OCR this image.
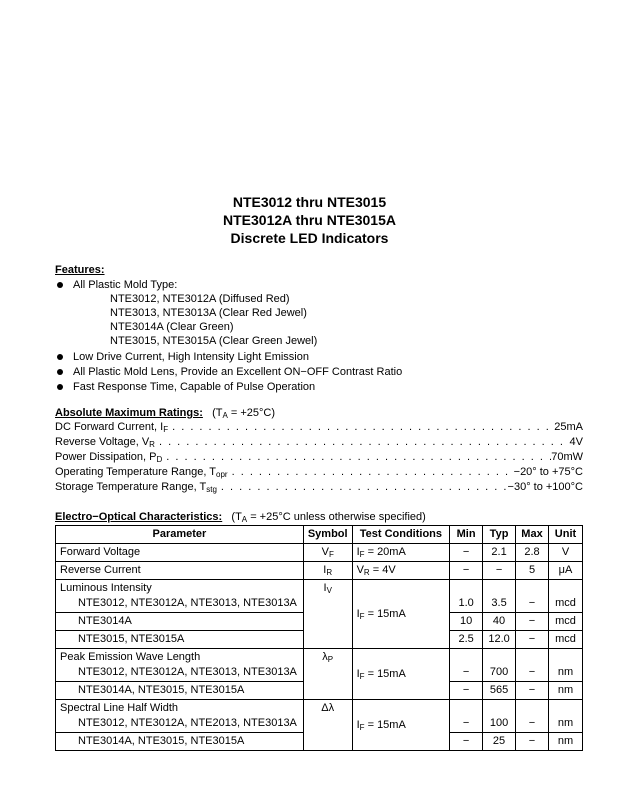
NTE3012 thru NTE3015
NTE3012A thru NTE3015A
Discrete LED Indicators
Features:
All Plastic Mold Type:
NTE3012, NTE3012A (Diffused Red)
NTE3013, NTE3013A (Clear Red Jewel)
NTE3014A (Clear Green)
NTE3015, NTE3015A (Clear Green Jewel)
Low Drive Current, High Intensity Light Emission
All Plastic Mold Lens, Provide an Excellent ON−OFF Contrast Ratio
Fast Response Time, Capable of Pulse Operation
Absolute Maximum Ratings: $(T_A = +25^\circ C)$
DC Forward Current, $I_F$ . . .	25mA
Reverse Voltage, $V_R$ . . .	4V
Power Dissipation, $P_D$ . . .	70mW
Operating Temperature Range, $T_{opr}$ . . .	−20° to +75°C
Storage Temperature Range, $T_{stg}$ . . .	−30° to +100°C
Electro−Optical Characteristics: ($T_A = +25^\circ C$ unless otherwise specified)
Parameter	Symbol	Test Conditions	Min	Typ	Max	Unit
Forward Voltage	$V_F$	$I_F = 20mA$	−	2.1	2.8	V
Reverse Current	$I_R$	$V_R = 4V$	−	−	5	μA
Luminous Intensity
NTE3012, NTE3012A, NTE3013, NTE3013A	$I_V$	$I_F = 15mA$	1.0	3.5	−	mcd

NTE3014A			10	40	−	mcd

NTE3015, NTE3015A			2.5	12.0	−	mcd
Peak Emission Wave Length
NTE3012, NTE3012A, NTE3013, NTE3013A	$\lambda_P$	$I_F = 15mA$	−	700	−	nm

NTE3014A, NTE3015, NTE3015A			−	565	−	nm
Spectral Line Half Width
NTE3012, NTE3012A, NTE2013, NTE3013A	Δλ	$I_F = 15mA$	−	100	−	nm

NTE3014A, NTE3015, NTE3015A			−	25	−	nm
